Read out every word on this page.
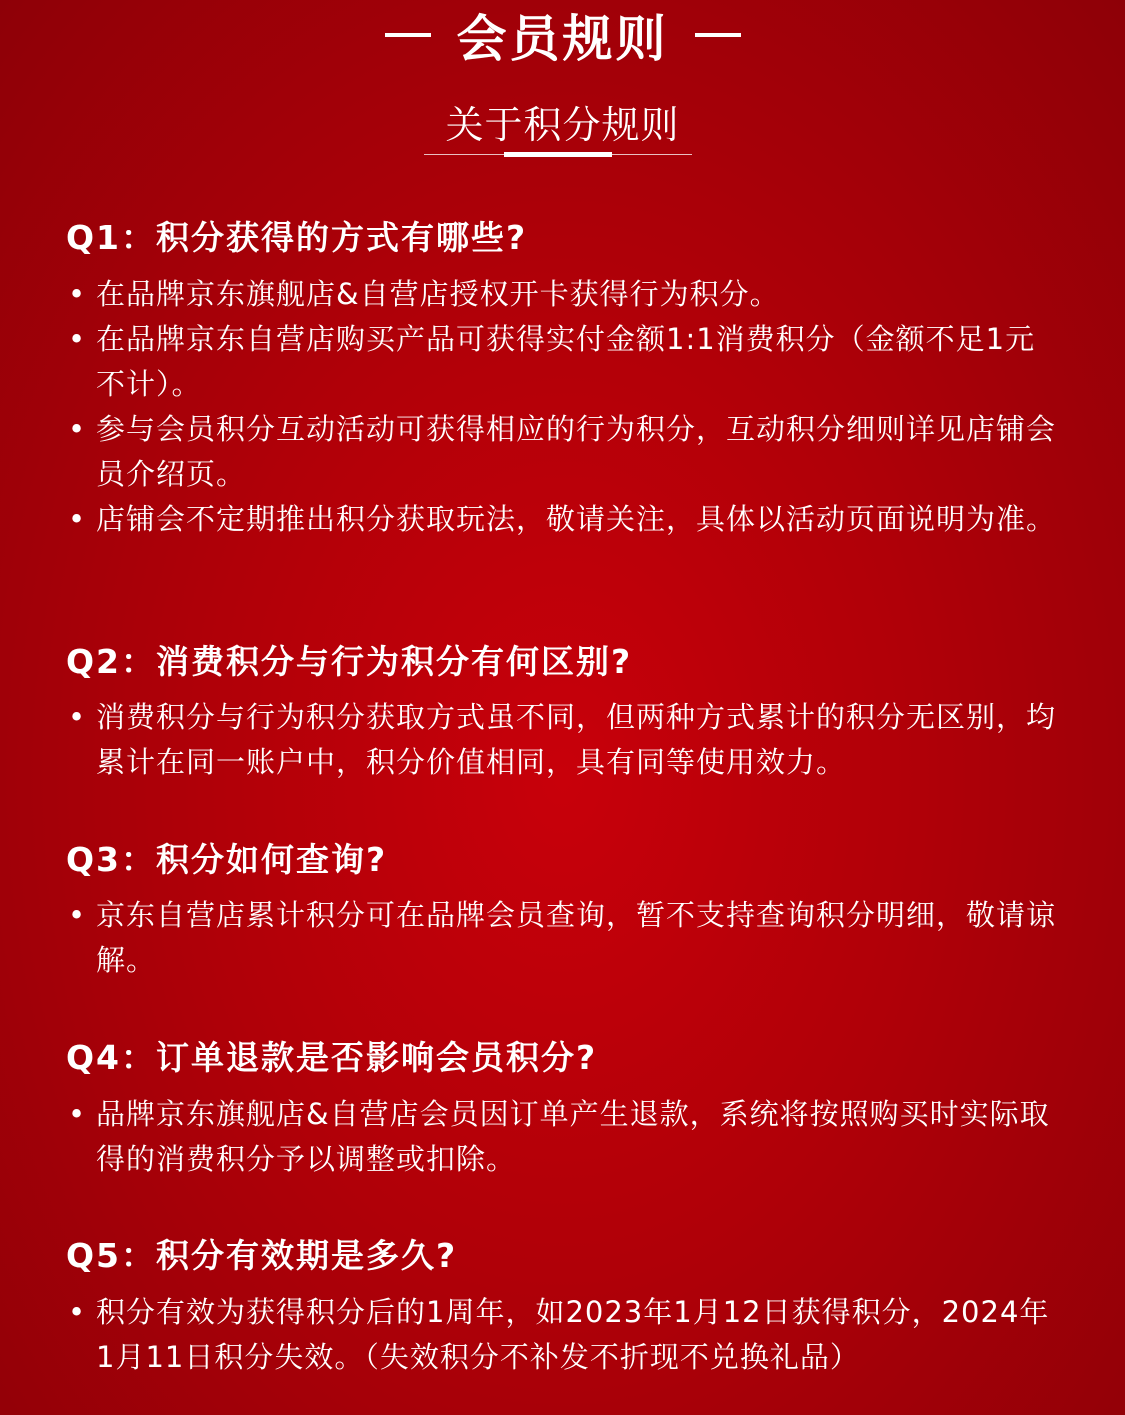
会员规则
关于积分规则
Q1：积分获得的方式有哪些?
• 在品牌京东旗舰店&自营店授权开卡获得行为积分。
• 在品牌京东自营店购买产品可获得实付金额1:1消费积分（金额不足1元不计）。
• 参与会员积分互动活动可获得相应的行为积分，互动积分细则详见店铺会员介绍页。
• 店铺会不定期推出积分获取玩法，敬请关注，具体以活动页面说明为准。
Q2：消费积分与行为积分有何区别?
• 消费积分与行为积分获取方式虽不同，但两种方式累计的积分无区别，均累计在同一账户中，积分价值相同，具有同等使用效力。
Q3：积分如何查询?
• 京东自营店累计积分可在品牌会员查询，暂不支持查询积分明细，敬请谅解。
Q4：订单退款是否影响会员积分?
• 品牌京东旗舰店&自营店会员因订单产生退款，系统将按照购买时实际取得的消费积分予以调整或扣除。
Q5：积分有效期是多久?
• 积分有效为获得积分后的1周年，如2023年1月12日获得积分，2024年1月11日积分失效。（失效积分不补发不折现不兑换礼品）
